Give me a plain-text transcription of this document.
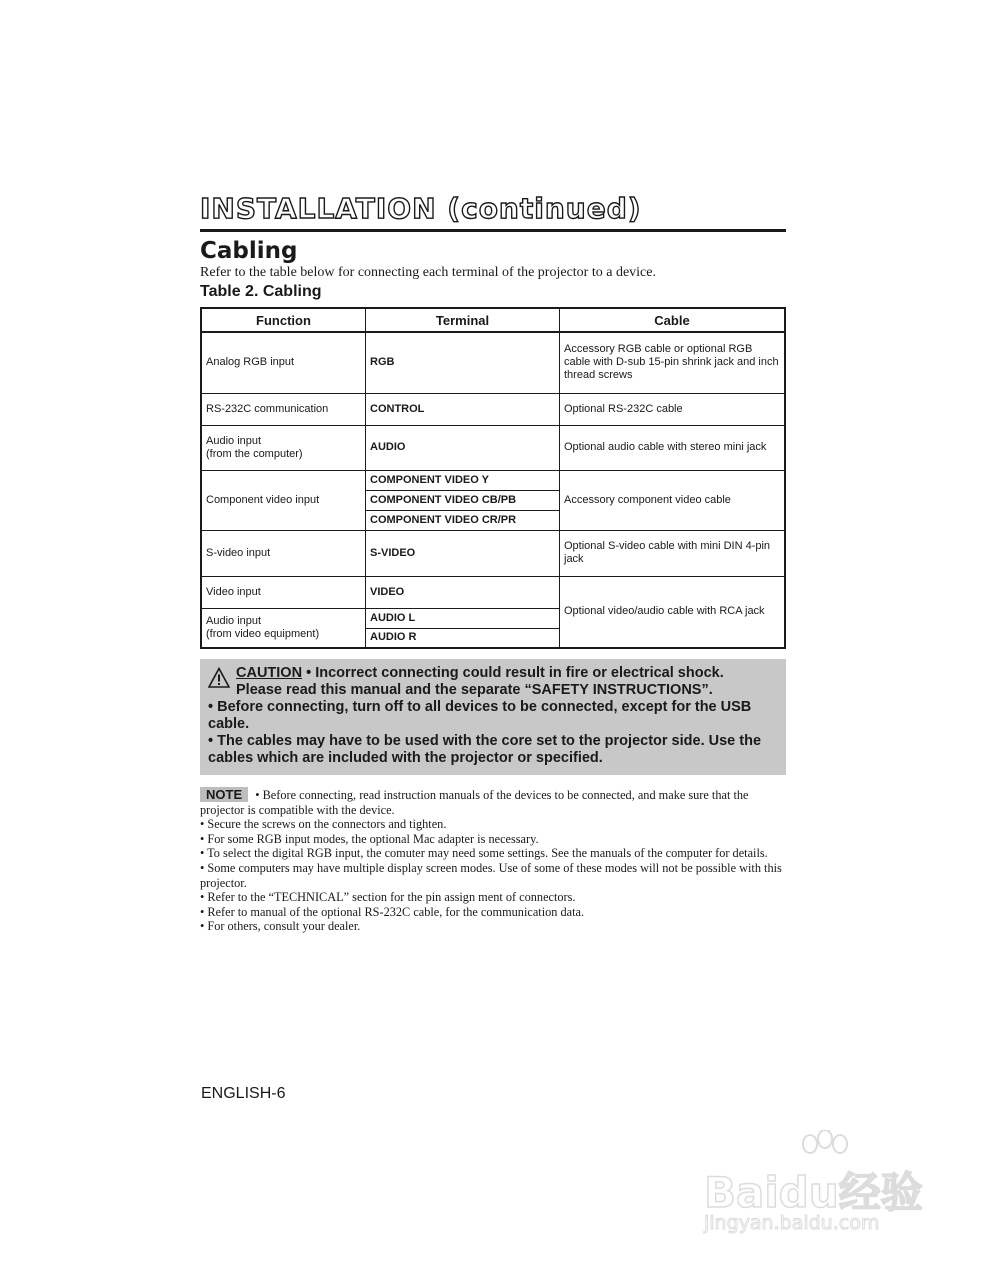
INSTALLATION (continued)
Cabling
Refer to the table below for connecting each terminal of the projector to a device.
Table 2. Cabling
Function	Terminal	Cable
Analog RGB input	RGB	Accessory RGB cable or optional RGB cable with D-sub 15-pin shrink jack and inch thread screws
RS-232C communication	CONTROL	Optional RS-232C cable

Audio input
(from the computer)	AUDIO	Optional audio cable with stereo mini jack
Component video input	COMPONENT VIDEO Y	Accessory component video cable
	COMPONENT VIDEO CB/PB	
	COMPONENT VIDEO CR/PR	
S-video input	S-VIDEO	Optional S-video cable with mini DIN 4-pin jack
Video input	VIDEO	Optional video/audio cable with RCA jack

Audio input
(from video equipment)	AUDIO L	
	AUDIO R	
CAUTION • Incorrect connecting could result in fire or electrical shock.
Please read this manual and the separate “SAFETY INSTRUCTIONS”.
• Before connecting, turn off to all devices to be connected, except for the USB cable.
• The cables may have to be used with the core set to the projector side. Use the cables which are included with the projector or specified.
NOTE • Before connecting, read instruction manuals of the devices to be connected, and make sure that the projector is compatible with the device.
• Secure the screws on the connectors and tighten.
• For some RGB input modes, the optional Mac adapter is necessary.
• To select the digital RGB input, the comuter may need some settings. See the manuals of the computer for details.
• Some computers may have multiple display screen modes. Use of some of these modes will not be possible with this projector.
• Refer to the “TECHNICAL” section for the pin assign ment of connectors.
• Refer to manual of the optional RS-232C cable, for the communication data.
• For others, consult your dealer.
ENGLISH-6
Baidu经验
jingyan.baidu.com
